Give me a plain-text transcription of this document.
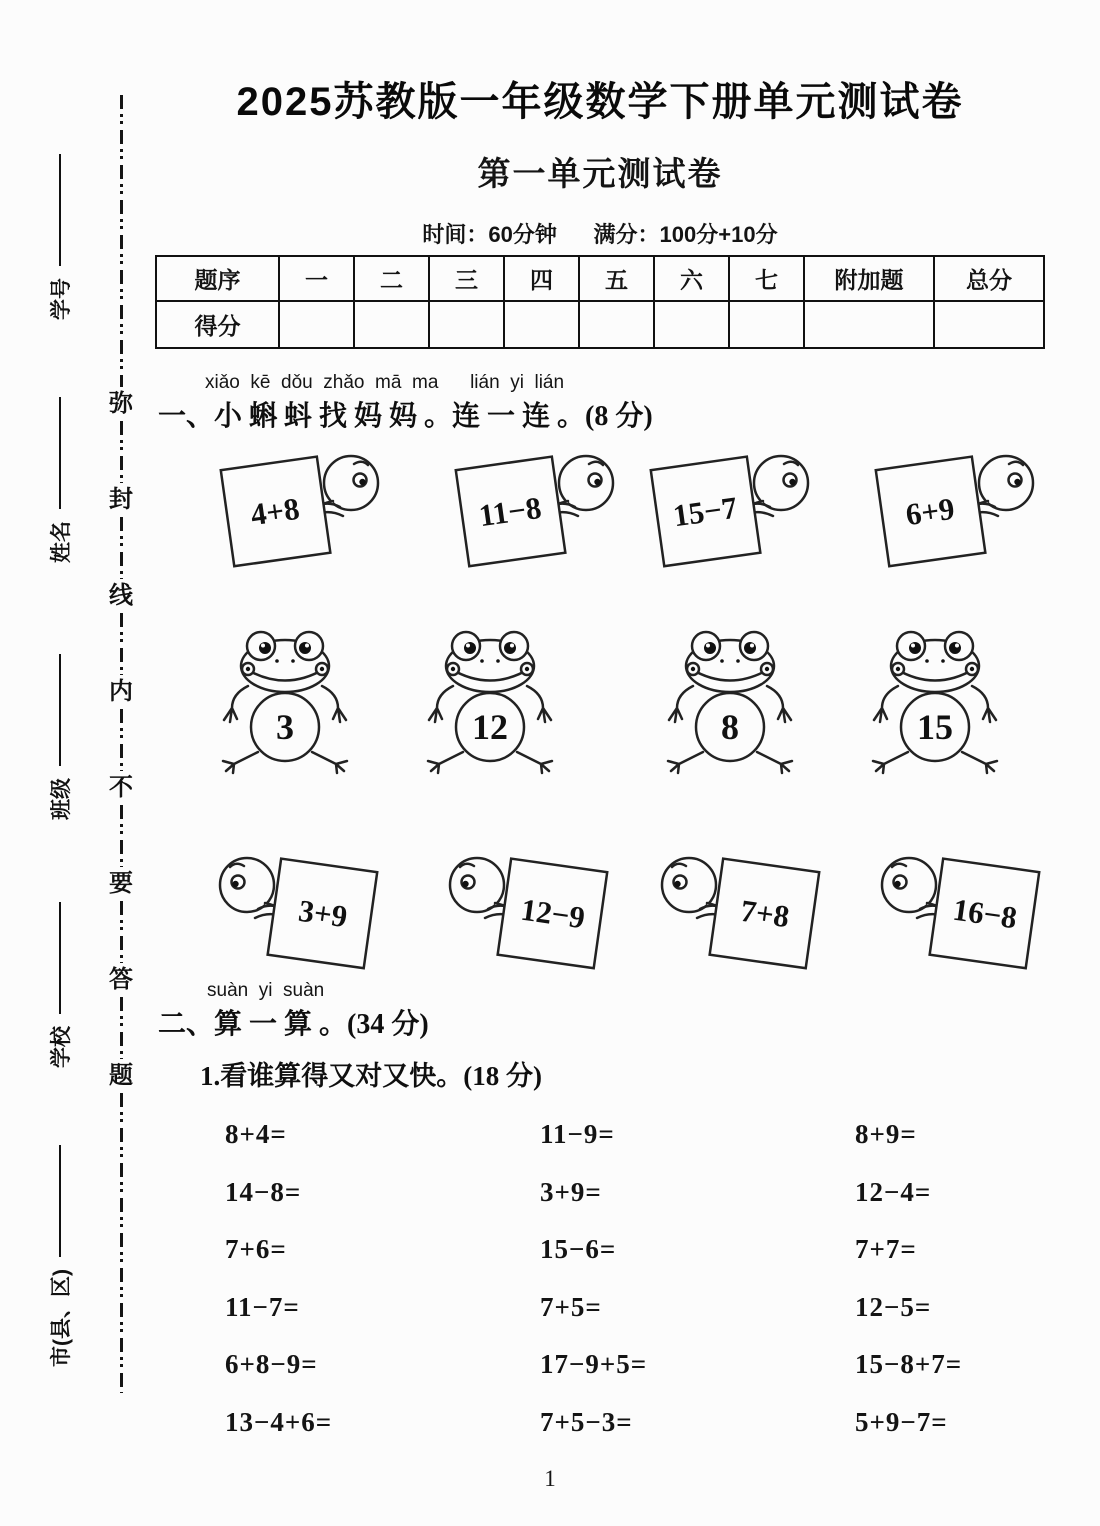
弥
封
线
内
不
要
答
题
学号
姓名
班级
学校
市(县、区)
2025苏教版一年级数学下册单元测试卷
第一单元测试卷
时间：60分钟      满分：100分+10分
题序	一	二	三	四	五	六	七	附加题	总分
得分
xiǎo  kē  dǒu  zhǎo  mā  ma      lián  yi  lián
一、小 蝌 蚪 找 妈 妈 。连 一 连 。(8 分)
4+8	11−8	15−7	6+9
3	12	8	15
3+9	12−9	7+8	16−8
suàn  yi  suàn
二、算 一 算 。(34 分)
1.看谁算得又对又快。(18 分)
8+4=	11−9=	8+9=
14−8=	3+9=	12−4=
7+6=	15−6=	7+7=
11−7=	7+5=	12−5=
6+8−9=	17−9+5=	15−8+7=
13−4+6=	7+5−3=	5+9−7=
1
